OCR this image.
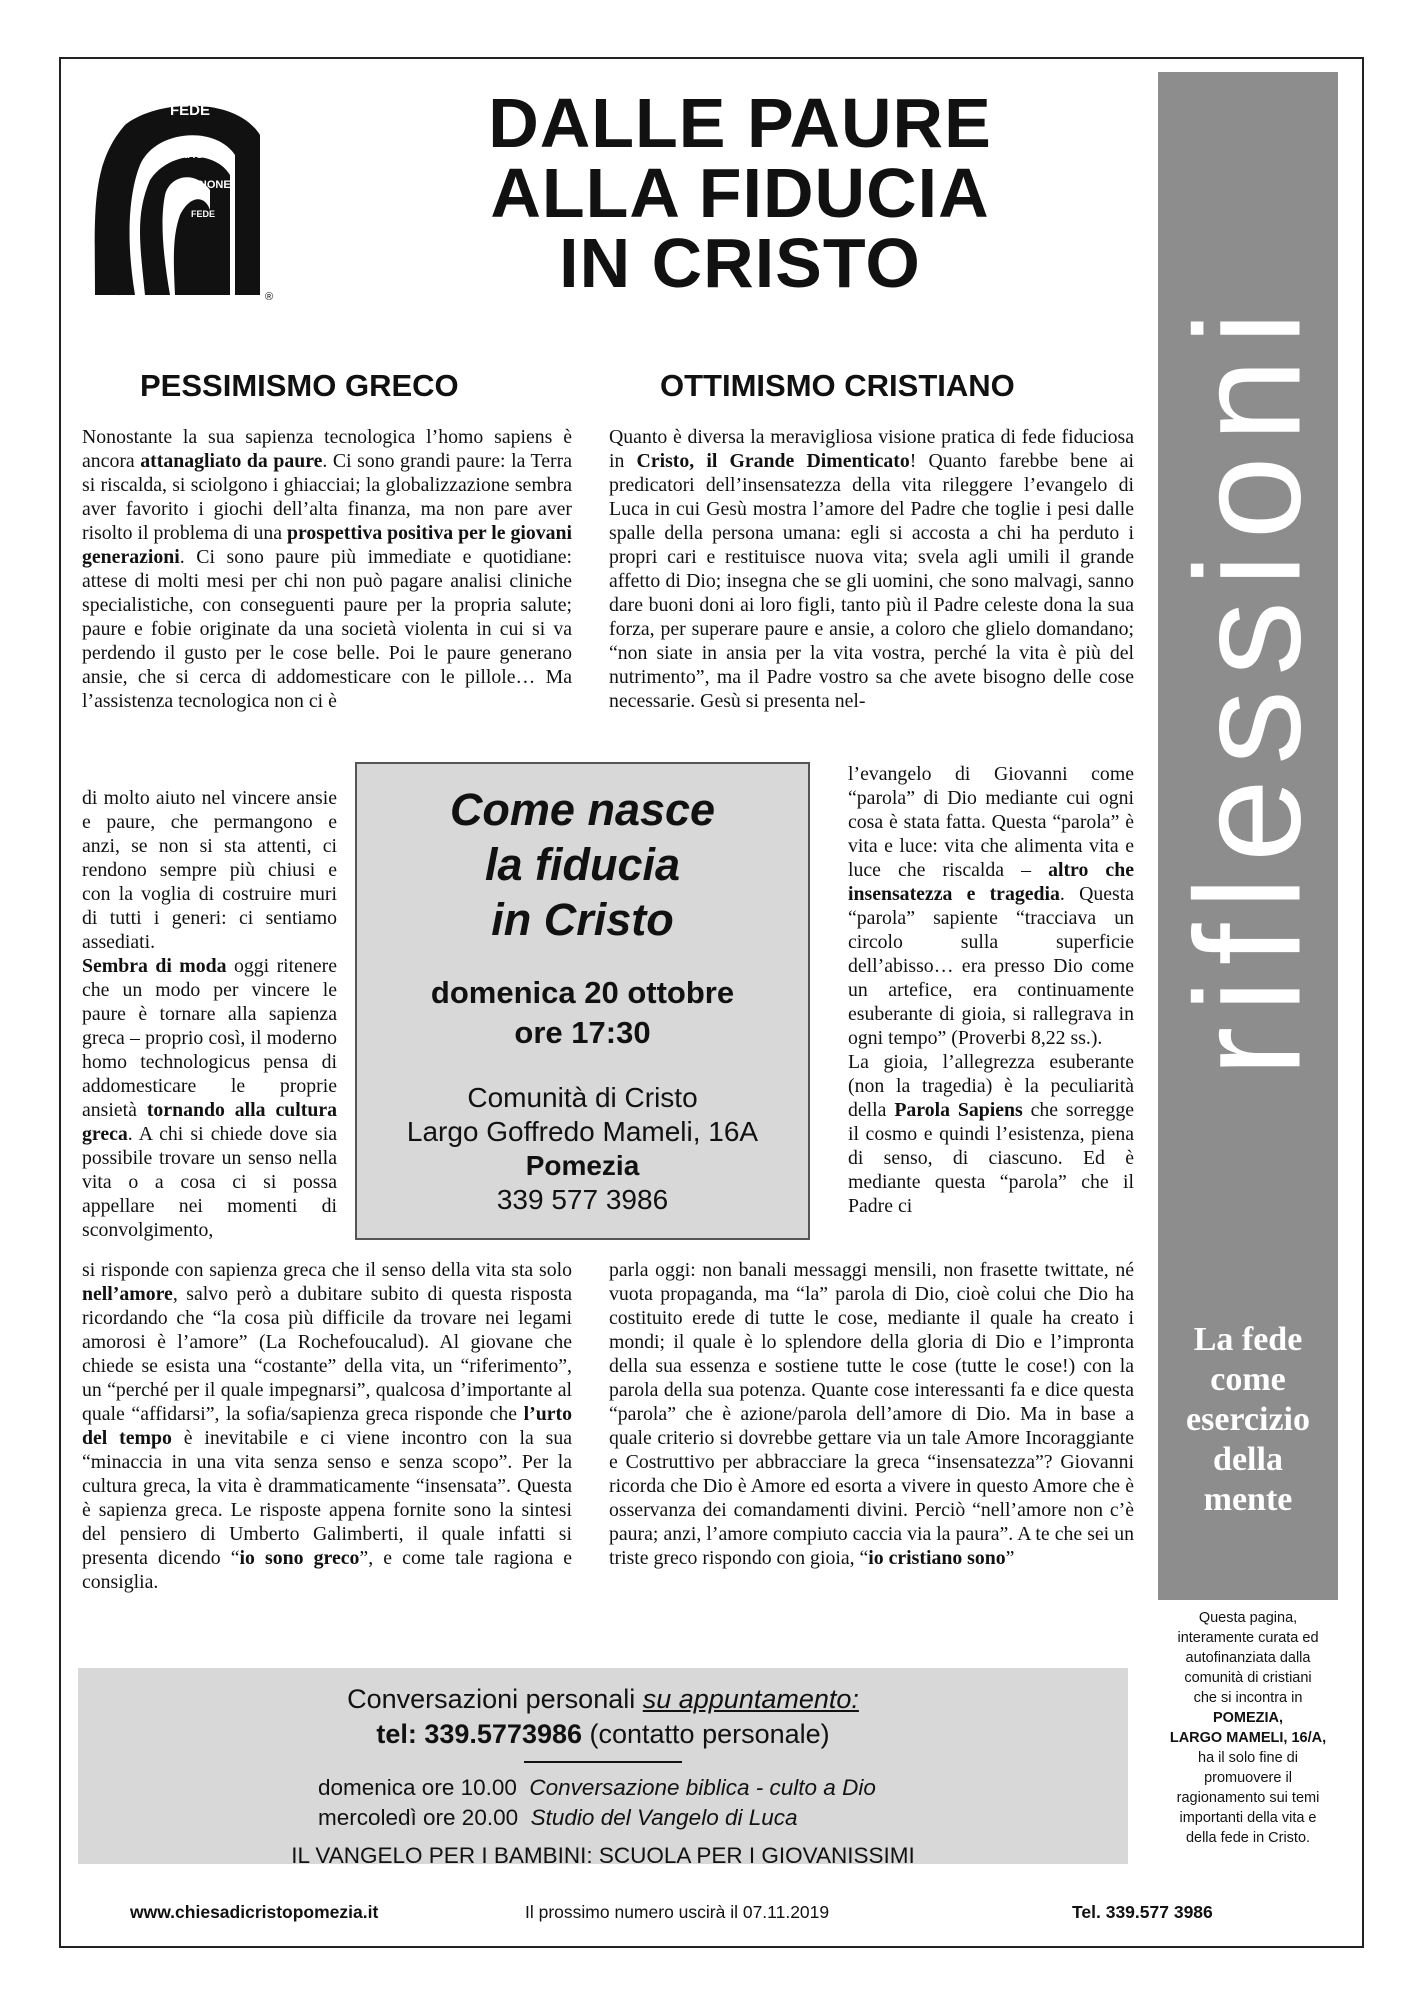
FEDE
RAGIONE
RAGIONE
FEDE
®
DALLE PAURE
ALLA FIDUCIA
IN CRISTO
riflessioni
La fede
come
esercizio
della
mente
Questa pagina,
interamente curata ed
autofinanziata dalla
comunità di cristiani
che si incontra in
POMEZIA,
LARGO MAMELI, 16/A,
ha il solo fine di
promuovere il
ragionamento sui temi
importanti della vita e
della fede in Cristo.
PESSIMISMO GRECO	OTTIMISMO CRISTIANO

Nonostante la sua sapienza tecnologica l’homo sapiens è ancora attanagliato da paure. Ci sono grandi paure: la Terra si riscalda, si sciolgono i ghiacciai; la globalizzazione sembra aver favorito i giochi dell’alta finanza, ma non pare aver risolto il problema di una prospettiva positiva per le giovani generazioni. Ci sono paure più immediate e quotidiane: attese di molti mesi per chi non può pagare analisi cliniche specialistiche, con conseguenti paure per la propria salute; paure e fobie originate da una società violenta in cui si va perdendo il gusto per le cose belle. Poi le paure generano ansie, che si cerca di addomesticare con le pillole… Ma l’assistenza tecnologica non ci è

di molto aiuto nel vincere ansie e paure, che permangono e anzi, se non si sta attenti, ci rendono sempre più chiusi e con la voglia di costruire muri di tutti i generi: ci sentiamo assediati.

Sembra di moda oggi ritenere che un modo per vincere le paure è tornare alla sapienza greca – proprio così, il moderno homo technologicus pensa di addomesticare le proprie ansietà tornando alla cultura greca. A chi si chiede dove sia possibile trovare un senso nella vita o a cosa ci si possa appellare nei momenti di sconvolgimento,

si risponde con sapienza greca che il senso della vita sta solo nell’amore, salvo però a dubitare subito di questa risposta ricordando che “la cosa più difficile da trovare nei legami amorosi è l’amore” (La Rochefoucalud). Al giovane che chiede se esista una “costante” della vita, un “riferimento”, un “perché per il quale impegnarsi”, qualcosa d’importante al quale “affidarsi”, la sofia/sapienza greca risponde che l’urto del tempo è inevitabile e ci viene incontro con la sua “minaccia in una vita senza senso e senza scopo”. Per la cultura greca, la vita è drammaticamente “insensata”. Questa è sapienza greca. Le risposte appena fornite sono la sintesi del pensiero di Umberto Galimberti, il quale infatti si presenta dicendo “io sono greco”, e come tale ragiona e consiglia.

Quanto è diversa la meravigliosa visione pratica di fede fiduciosa in Cristo, il Grande Dimenticato! Quanto farebbe bene ai predicatori dell’insensatezza della vita rileggere l’evangelo di Luca in cui Gesù mostra l’amore del Padre che toglie i pesi dalle spalle della persona umana: egli si accosta a chi ha perduto i propri cari e restituisce nuova vita; svela agli umili il grande affetto di Dio; insegna che se gli uomini, che sono malvagi, sanno dare buoni doni ai loro figli, tanto più il Padre celeste dona la sua forza, per superare paure e ansie, a coloro che glielo domandano; “non siate in ansia per la vita vostra, perché la vita è più del nutrimento”, ma il Padre vostro sa che avete bisogno delle cose necessarie. Gesù si presenta nel-

l’evangelo di Giovanni come “parola” di Dio mediante cui ogni cosa è stata fatta. Questa “parola” è vita e luce: vita che alimenta vita e luce che riscalda – altro che insensatezza e tragedia. Questa “parola” sapiente “tracciava un circolo sulla superficie dell’abisso… era presso Dio come un artefice, era continuamente esuberante di gioia, si rallegrava in ogni tempo” (Proverbi 8,22 ss.).

La gioia, l’allegrezza esuberante (non la tragedia) è la peculiarità della Parola Sapiens che sorregge il cosmo e quindi l’esistenza, piena di senso, di ciascuno. Ed è mediante questa “parola” che il Padre ci

parla oggi: non banali messaggi mensili, non frasette twittate, né vuota propaganda, ma “la” parola di Dio, cioè colui che Dio ha costituito erede di tutte le cose, mediante il quale ha creato i mondi; il quale è lo splendore della gloria di Dio e l’impronta della sua essenza e sostiene tutte le cose (tutte le cose!) con la parola della sua potenza. Quante cose interessanti fa e dice questa “parola” che è azione/parola dell’amore di Dio. Ma in base a quale criterio si dovrebbe gettare via un tale Amore Incoraggiante e Costruttivo per abbracciare la greca “insensatezza”? Giovanni ricorda che Dio è Amore ed esorta a vivere in questo Amore che è osservanza dei comandamenti divini. Perciò “nell’amore non c’è paura; anzi, l’amore compiuto caccia via la paura”. A te che sei un triste greco rispondo con gioia, “io cristiano sono”

Come nasce
la fiducia
in Cristo
domenica 20 ottobre
ore 17:30
Comunità di Cristo
Largo Goffredo Mameli, 16A
Pomezia
339 577 3986
Conversazioni personali su appuntamento:
tel: 339.5773986 (contatto personale)
domenica ore 10.00 Conversazione biblica - culto a Dio
mercoledì ore 20.00 Studio del Vangelo di Luca
IL VANGELO PER I BAMBINI: SCUOLA PER I GIOVANISSIMI
www.chiesadicristopomezia.it	Il prossimo numero uscirà il 07.11.2019	Tel. 339.577 3986
